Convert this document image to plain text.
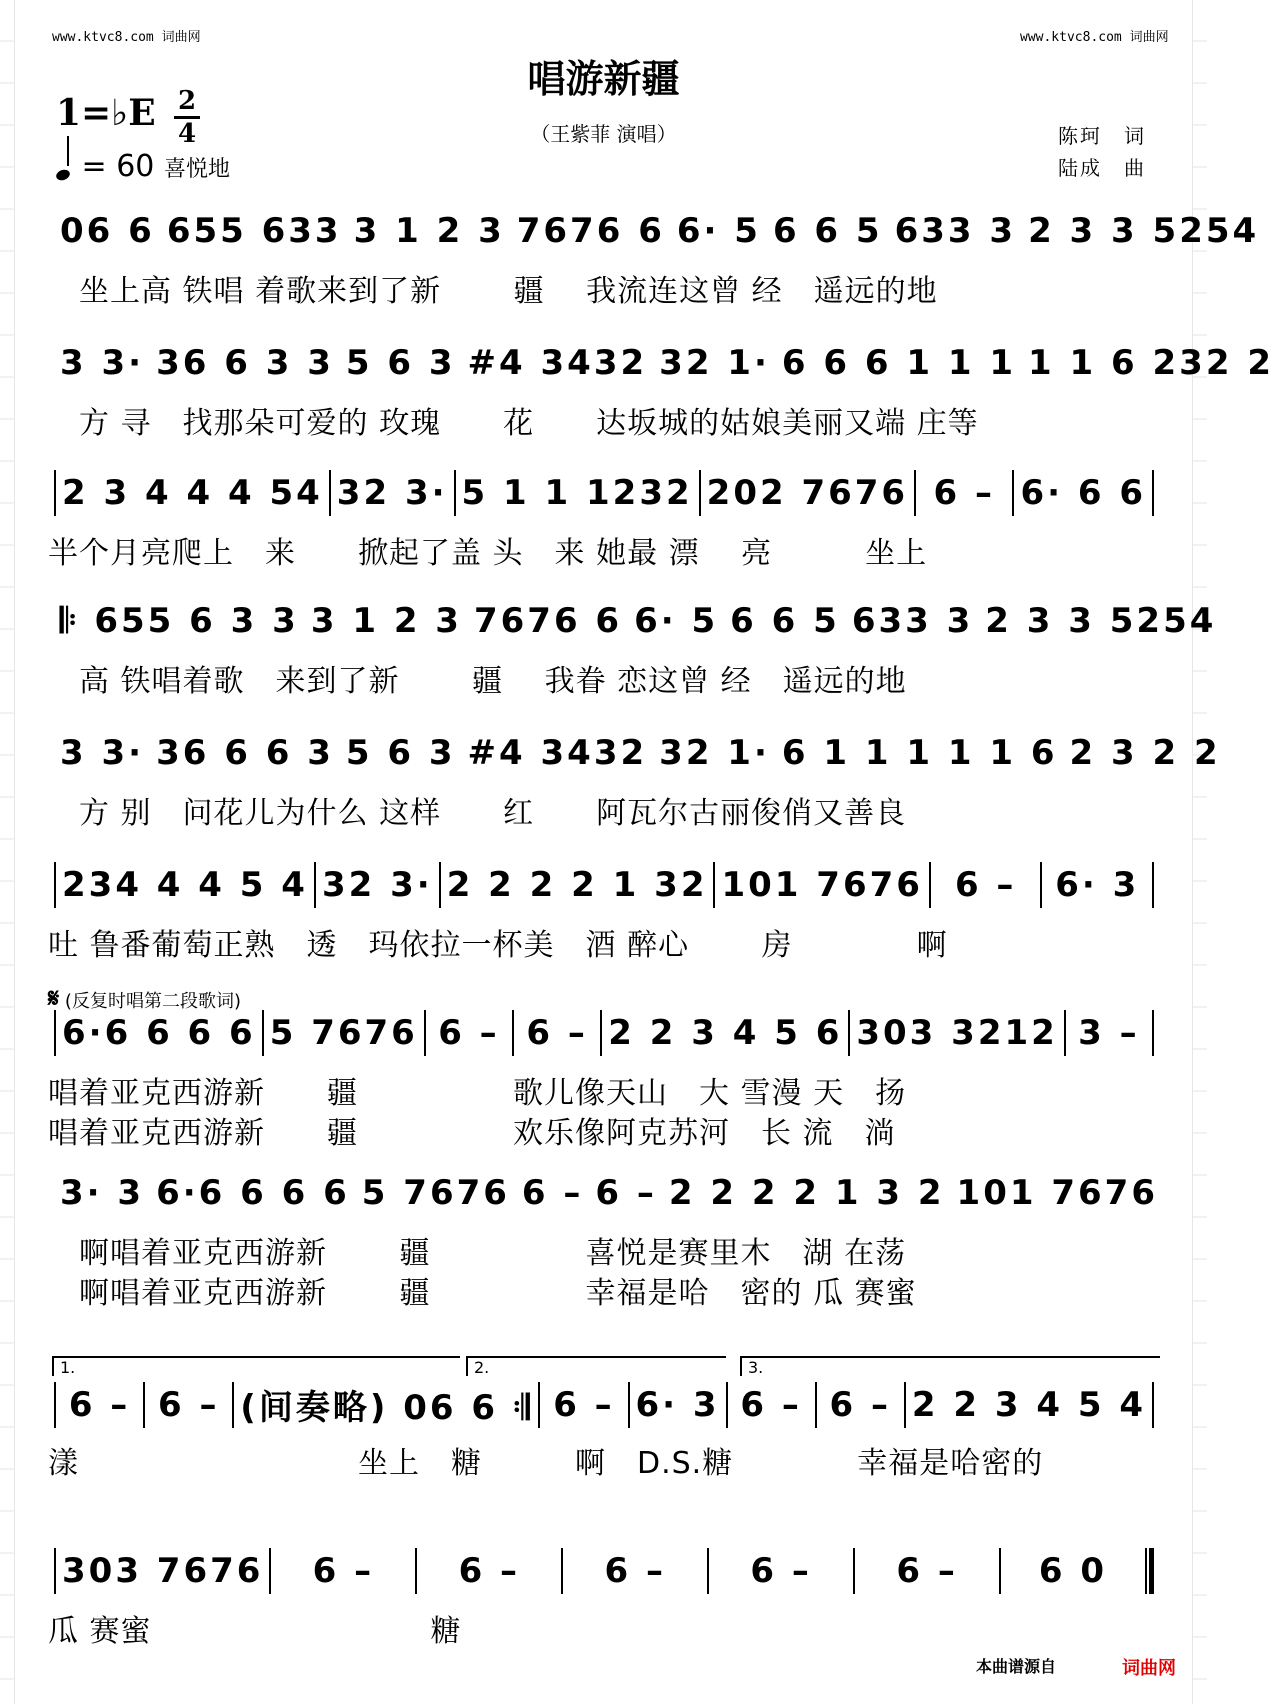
www.ktvc8.com 词曲网	www.ktvc8.com 词曲网
唱游新疆
（王紫菲 演唱）
1=♭E 2
4
= 60 喜悦地
陈珂　词
陆成　曲
06 6 655 633 3 1 2 3 7676 6 6· 5 6 6 5 633 3 2 3 3 5254
　坐上高 铁唱 着歌来到了新　　 疆　 我流连这曾 经　遥远的地
3 3· 36 6 3 3 5 6 3 #4 3432 32 1· 6 6 6 1 1 1 1 1 6 232 2
　方 寻　找那朵可爱的 玫瑰　　花　　达坂城的姑娘美丽又端 庄等
2 3 4 4 4 54 32 3· 5 1 1 1232 202 7676 6 – 6· 6 6
半个月亮爬上　来　　掀起了盖 头　来 她最 漂　 亮　　　坐上
𝄆 655 6 3 3 3 1 2 3 7676 6 6· 5 6 6 5 633 3 2 3 3 5254
　高 铁唱着歌　来到了新　　 疆　 我眷 恋这曾 经　遥远的地
3 3· 36 6 6 3 5 6 3 #4 3432 32 1· 6 1 1 1 1 1 6 2 3 2 2
　方 别　问花儿为什么 这样　　红　　阿瓦尔古丽俊俏又善良
234 4 4 5 4 32 3· 2 2 2 2 1 32 101 7676 6 –	6· 3
吐 鲁番葡萄正熟　透　玛依拉一杯美　酒 醉心　　 房　　　　啊
6·6 6 6 6 5 7676 6 – 6 – 2 2 3 4 5 6 303 3212 3 –
唱着亚克西游新　　疆　　　　　歌儿像天山　大 雪漫 天　扬
唱着亚克西游新　　疆　　　　　欢乐像阿克苏河　长 流　淌
3· 3 6·6 6 6 6 5 7676 6 – 6 – 2 2 2 2 1 3 2 101 7676
　啊唱着亚克西游新　　 疆　　　　　喜悦是赛里木　湖 在荡
　啊唱着亚克西游新　　 疆　　　　　幸福是哈　密的 瓜 赛蜜
6 – 6 – (间奏略) 06 6 𝄇 6 – 6· 3 6 – 6 – 2 2 3 4 5 4
漾　　　　　　　　　坐上　糖　　　啊　D.S.糖　　　　幸福是哈密的
303 7676	6 –	6 –	6 –	6 –	6 –	6 0
瓜 赛蜜　　　　　　　　　糖
𝄋 (反复时唱第二段歌词)
1.	2.	3.
本曲谱源自	词曲网
